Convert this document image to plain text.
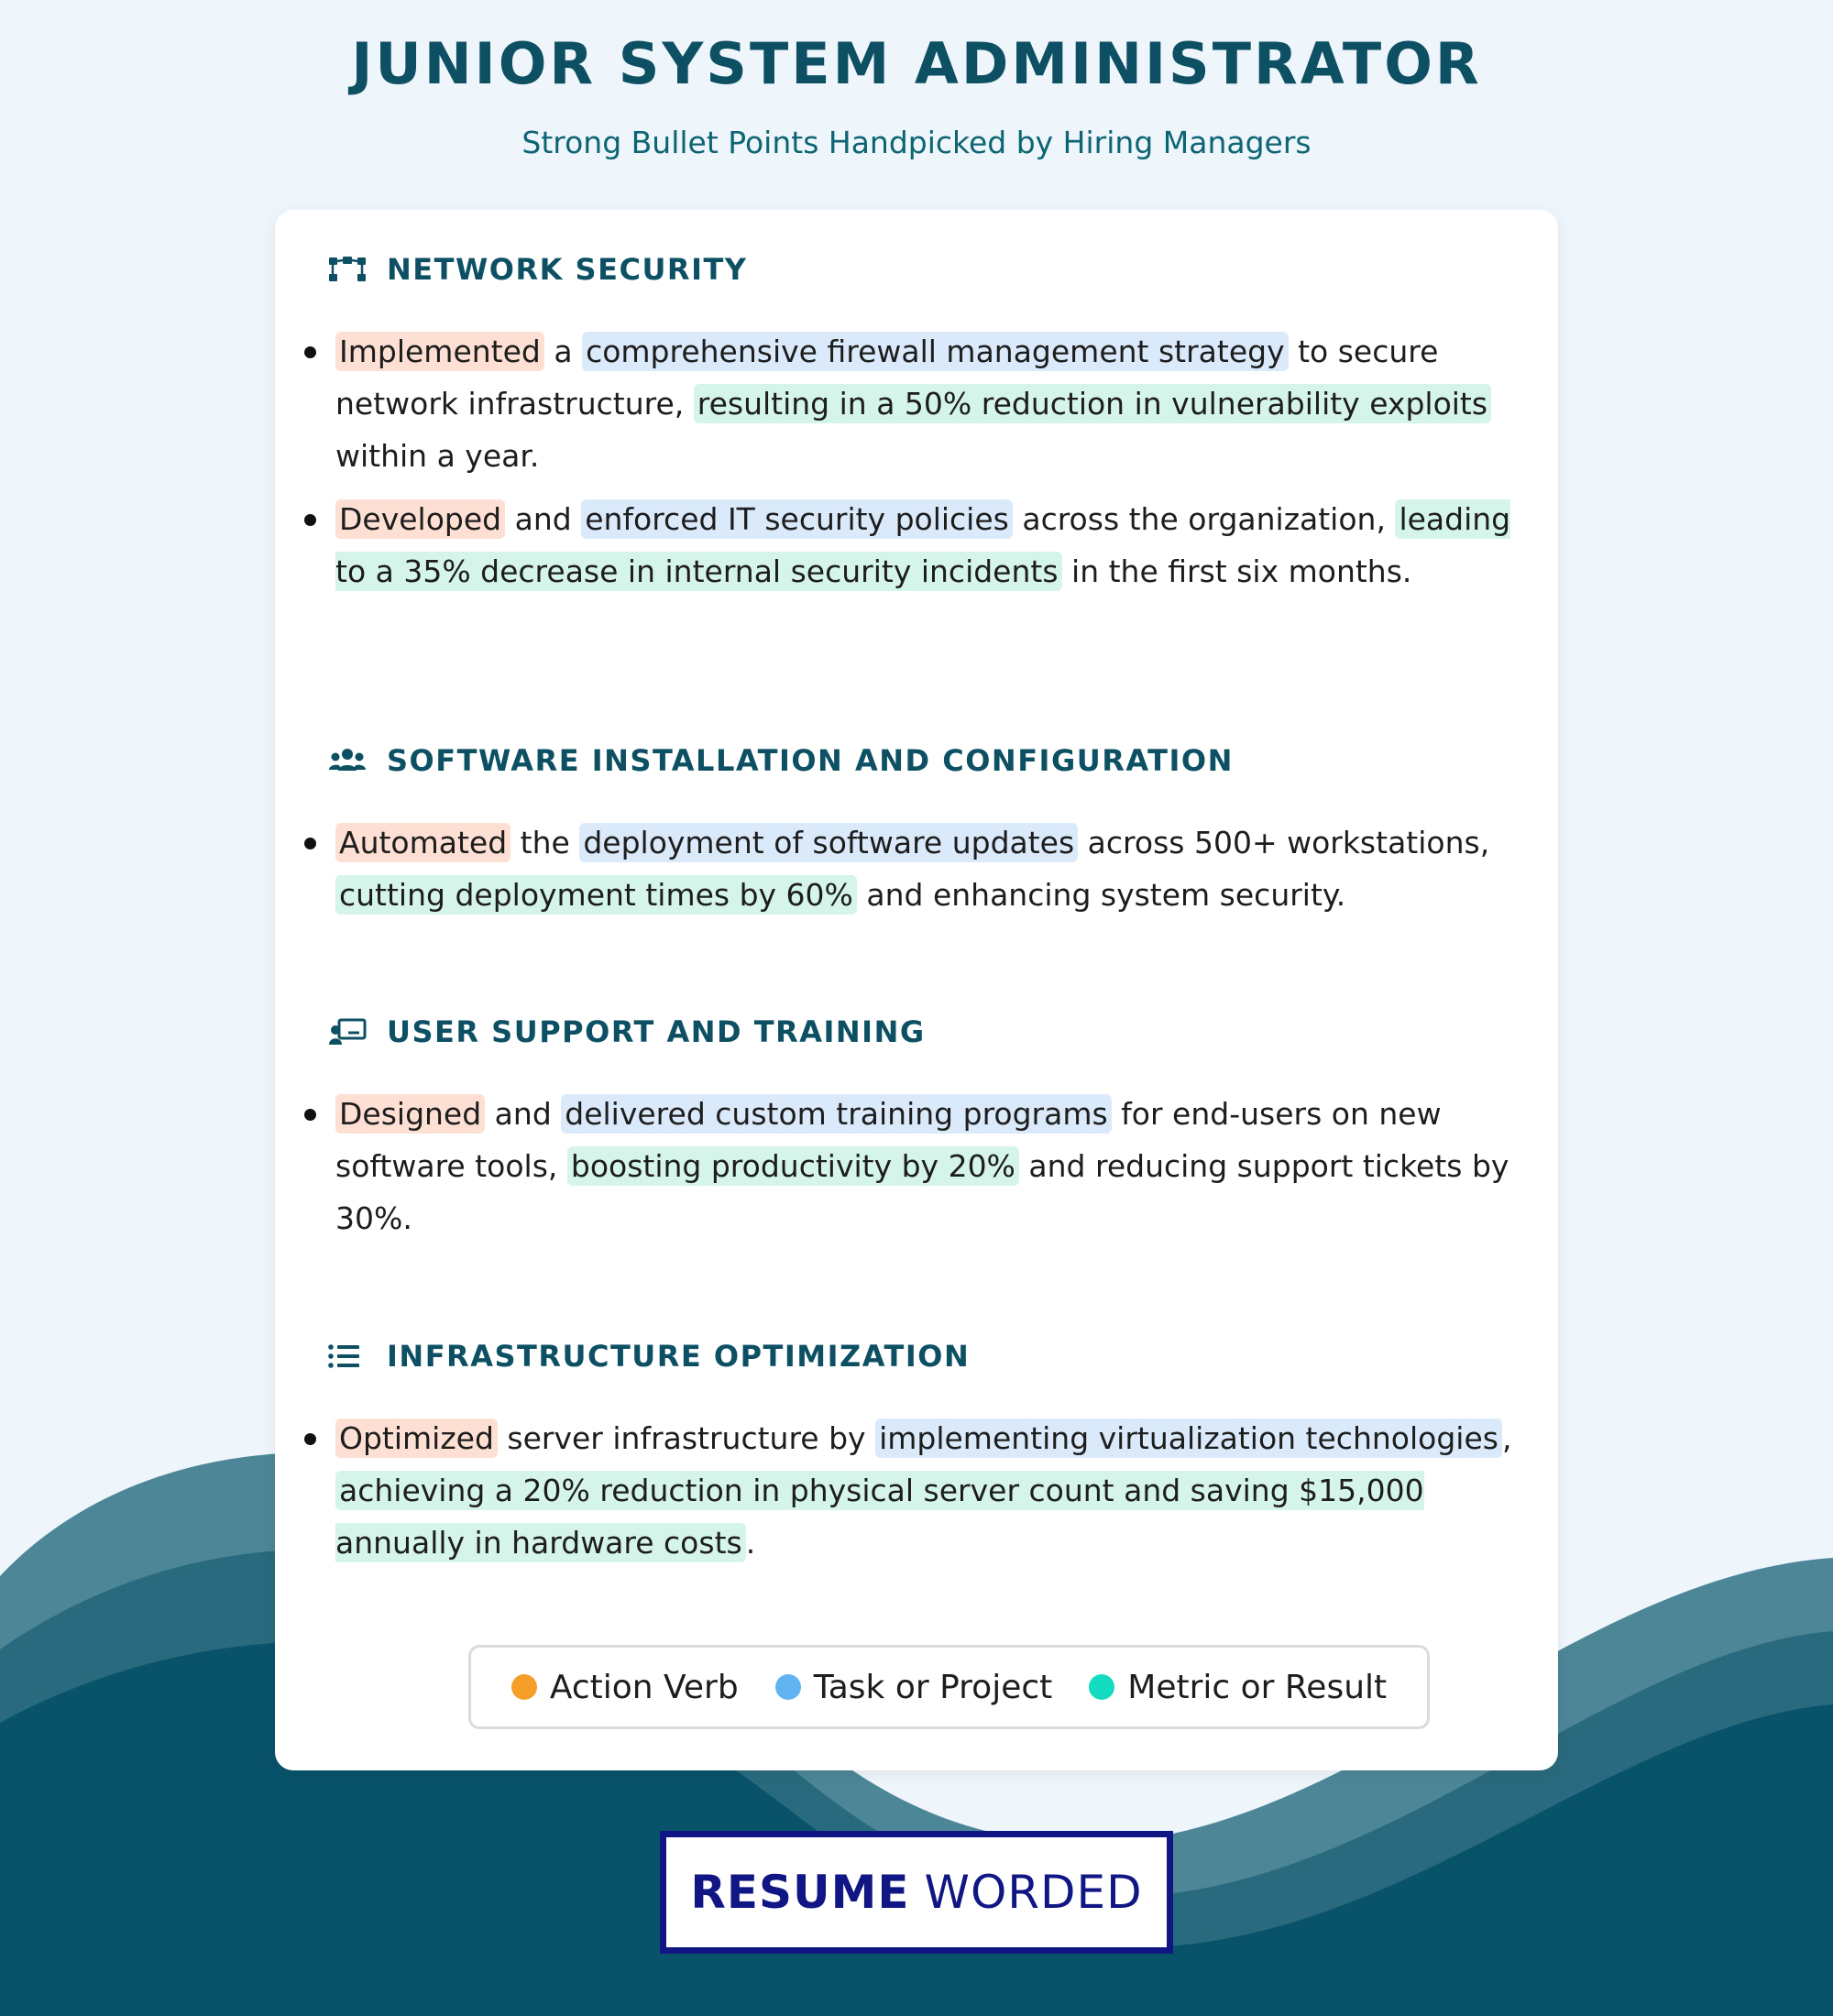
JUNIOR SYSTEM ADMINISTRATOR
Strong Bullet Points Handpicked by Hiring Managers
NETWORK SECURITY
Implemented a comprehensive firewall management strategy to secure network infrastructure, resulting in a 50% reduction in vulnerability exploits within a year.
Developed and enforced IT security policies across the organization, leading to a 35% decrease in internal security incidents in the first six months.
SOFTWARE INSTALLATION AND CONFIGURATION
Automated the deployment of software updates across 500+ workstations, cutting deployment times by 60% and enhancing system security.
USER SUPPORT AND TRAINING
Designed and delivered custom training programs for end-users on new software tools, boosting productivity by 20% and reducing support tickets by 30%.
INFRASTRUCTURE OPTIMIZATION
Optimized server infrastructure by implementing virtualization technologies , achieving a 20% reduction in physical server count and saving $15,000 annually in hardware costs .
Action Verb Task or Project Metric or Result
RESUME WORDED
